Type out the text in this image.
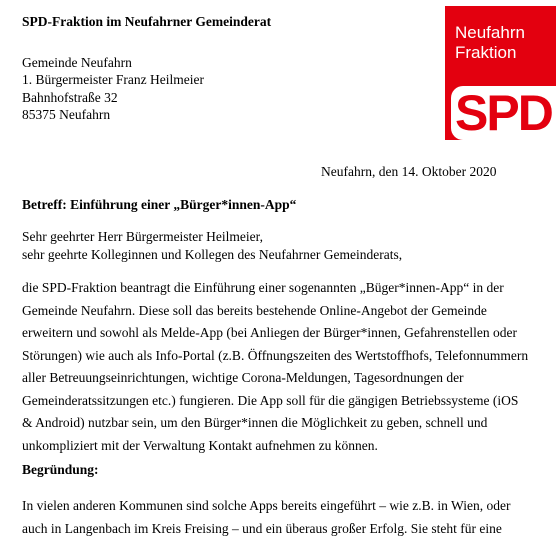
SPD-Fraktion im Neufahrner Gemeinderat
Neufahrn
Fraktion
SPD
Gemeinde Neufahrn
1. Bürgermeister Franz Heilmeier
Bahnhofstraße 32
85375 Neufahrn
Neufahrn, den 14. Oktober 2020
Betreff: Einführung einer „Bürger*innen-App“
Sehr geehrter Herr Bürgermeister Heilmeier,
sehr geehrte Kolleginnen und Kollegen des Neufahrner Gemeinderats,
die SPD-Fraktion beantragt die Einführung einer sogenannten „Büger*innen-App“ in der
Gemeinde Neufahrn. Diese soll das bereits bestehende Online-Angebot der Gemeinde
erweitern und sowohl als Melde-App (bei Anliegen der Bürger*innen, Gefahrenstellen oder
Störungen) wie auch als Info-Portal (z.B. Öffnungszeiten des Wertstoffhofs, Telefonnummern
aller Betreuungseinrichtungen, wichtige Corona-Meldungen, Tagesordnungen der
Gemeinderatssitzungen etc.) fungieren. Die App soll für die gängigen Betriebssysteme (iOS
& Android) nutzbar sein, um den Bürger*innen die Möglichkeit zu geben, schnell und
unkompliziert mit der Verwaltung Kontakt aufnehmen zu können.
Begründung:
In vielen anderen Kommunen sind solche Apps bereits eingeführt – wie z.B. in Wien, oder
auch in Langenbach im Kreis Freising – und ein überaus großer Erfolg. Sie steht für eine
